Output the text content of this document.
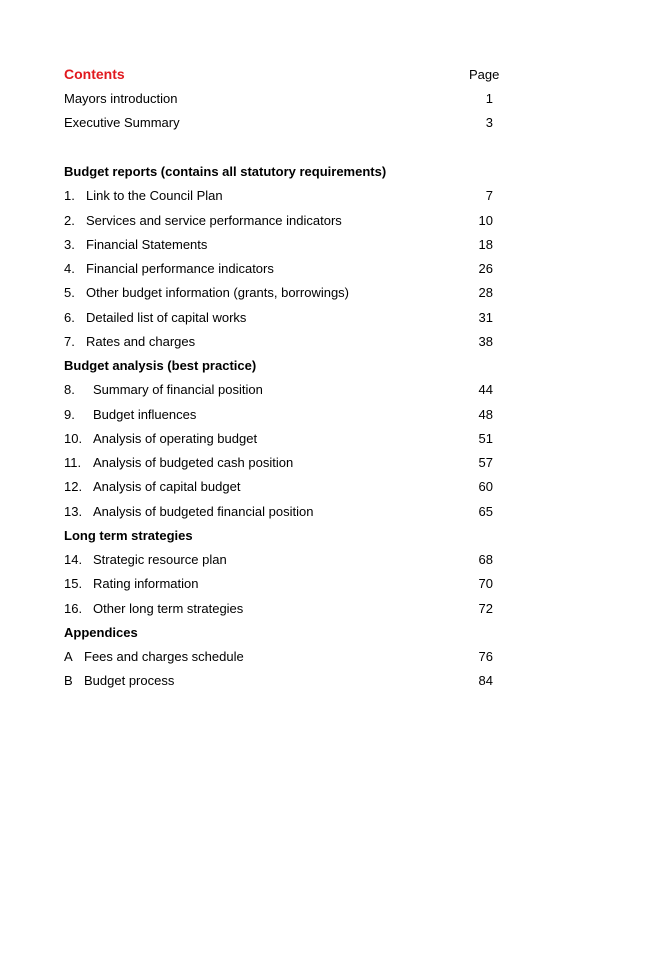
Contents	Page
Mayors introduction	1
Executive Summary	3
Budget reports (contains all statutory requirements)
1. Link to the Council Plan	7
2. Services and service performance indicators	10
3. Financial Statements	18
4. Financial performance indicators	26
5. Other budget information (grants, borrowings)	28
6. Detailed list of capital works	31
7. Rates and charges	38
Budget analysis (best practice)
8. Summary of financial position	44
9. Budget influences	48
10. Analysis of operating budget	51
11. Analysis of budgeted cash position	57
12. Analysis of capital budget	60
13. Analysis of budgeted financial position	65
Long term strategies
14. Strategic resource plan	68
15. Rating information	70
16. Other long term strategies	72
Appendices
A Fees and charges schedule	76
B Budget process	84
